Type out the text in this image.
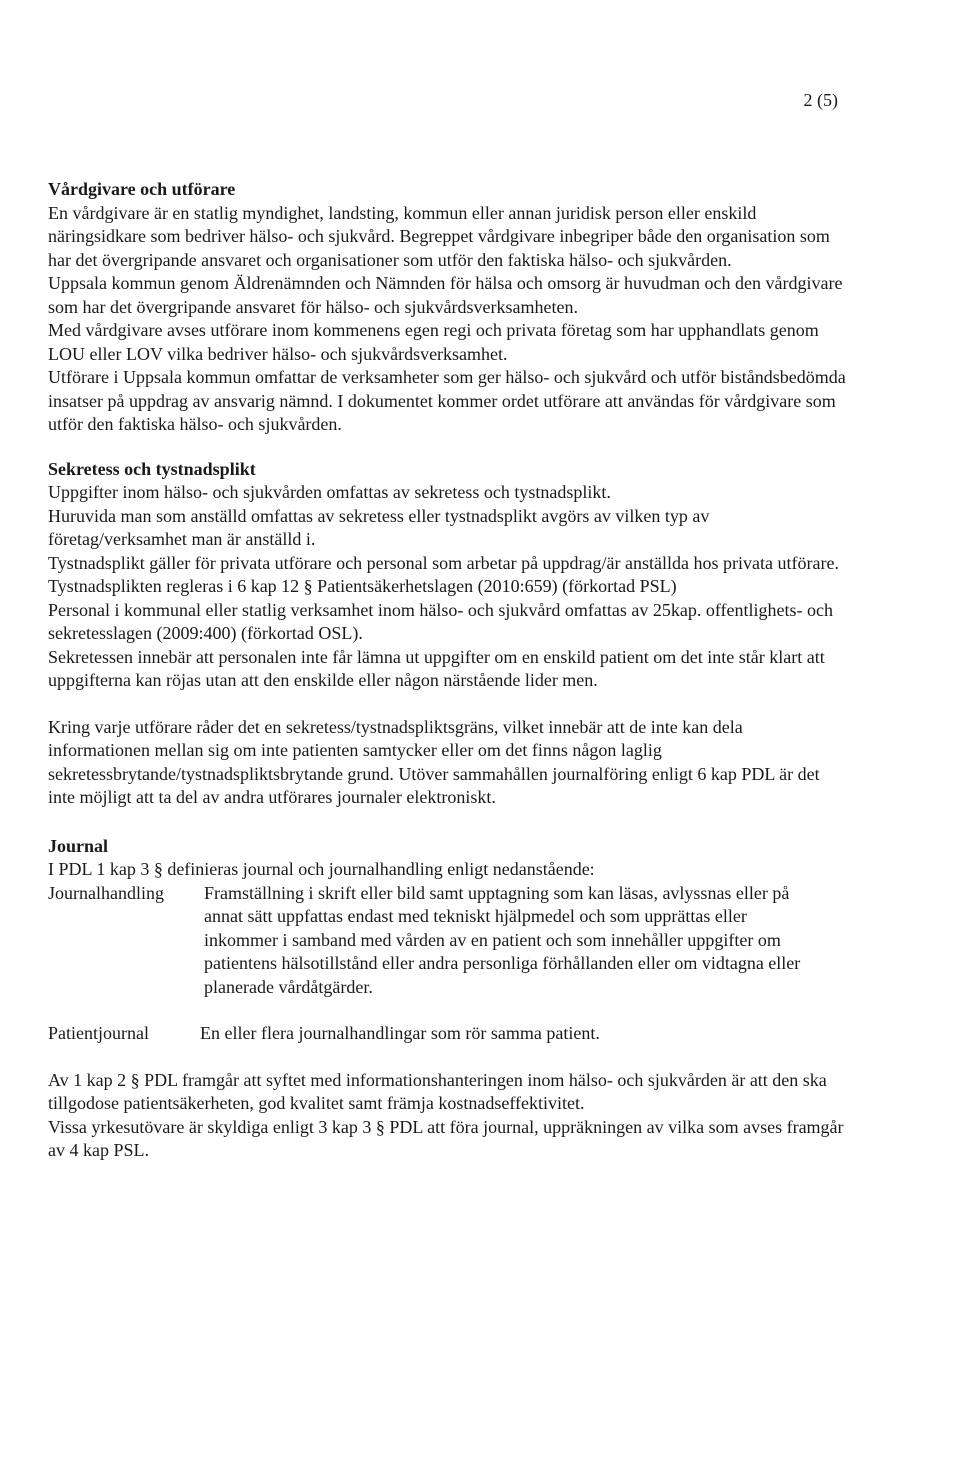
2 (5)

Vårdgivare och utförare

En vårdgivare är en statlig myndighet, landsting, kommun eller annan juridisk person eller enskild näringsidkare som bedriver hälso- och sjukvård. Begreppet vårdgivare inbegriper både den organisation som har det övergripande ansvaret och organisationer som utför den faktiska hälso- och sjukvården.

Uppsala kommun genom Äldrenämnden och Nämnden för hälsa och omsorg är huvudman och den vårdgivare som har det övergripande ansvaret för hälso- och sjukvårdsverksamheten.

Med vårdgivare avses utförare inom kommenens egen regi och privata företag som har upphandlats genom LOU eller LOV vilka bedriver hälso- och sjukvårdsverksamhet.

Utförare i Uppsala kommun omfattar de verksamheter som ger hälso- och sjukvård och utför biståndsbedömda insatser på uppdrag av ansvarig nämnd. I dokumentet kommer ordet utförare att användas för vårdgivare som utför den faktiska hälso- och sjukvården.

Sekretess och tystnadsplikt

Uppgifter inom hälso- och sjukvården omfattas av sekretess och tystnadsplikt.

Huruvida man som anställd omfattas av sekretess eller tystnadsplikt avgörs av vilken typ av företag/verksamhet man är anställd i.

Tystnadsplikt gäller för privata utförare och personal som arbetar på uppdrag/är anställda hos privata utförare. Tystnadsplikten regleras i 6 kap 12 § Patientsäkerhetslagen (2010:659) (förkortad PSL)

Personal i kommunal eller statlig verksamhet inom hälso- och sjukvård omfattas av 25kap. offentlighets- och sekretesslagen (2009:400) (förkortad OSL).

Sekretessen innebär att personalen inte får lämna ut uppgifter om en enskild patient om det inte står klart att uppgifterna kan röjas utan att den enskilde eller någon närstående lider men.

Kring varje utförare råder det en sekretess/tystnadspliktsgräns, vilket innebär att de inte kan dela informationen mellan sig om inte patienten samtycker eller om det finns någon laglig sekretessbrytande/tystnadspliktsbrytande grund. Utöver sammahållen journalföring enligt 6 kap PDL är det inte möjligt att ta del av andra utförares journaler elektroniskt.

Journal

I PDL 1 kap 3 § definieras journal och journalhandling enligt nedanstående:

Journalhandling	Framställning i skrift eller bild samt upptagning som kan läsas, avlyssnas eller på annat sätt uppfattas endast med tekniskt hjälpmedel och som upprättas eller inkommer i samband med vården av en patient och som innehåller uppgifter om patientens hälsotillstånd eller andra personliga förhållanden eller om vidtagna eller planerade vårdåtgärder.
Patientjournal	En eller flera journalhandlingar som rör samma patient.

Av 1 kap 2 § PDL framgår att syftet med informationshanteringen inom hälso- och sjukvården är att den ska tillgodose patientsäkerheten, god kvalitet samt främja kostnadseffektivitet.

Vissa yrkesutövare är skyldiga enligt 3 kap 3 § PDL att föra journal, uppräkningen av vilka som avses framgår av 4 kap PSL.
